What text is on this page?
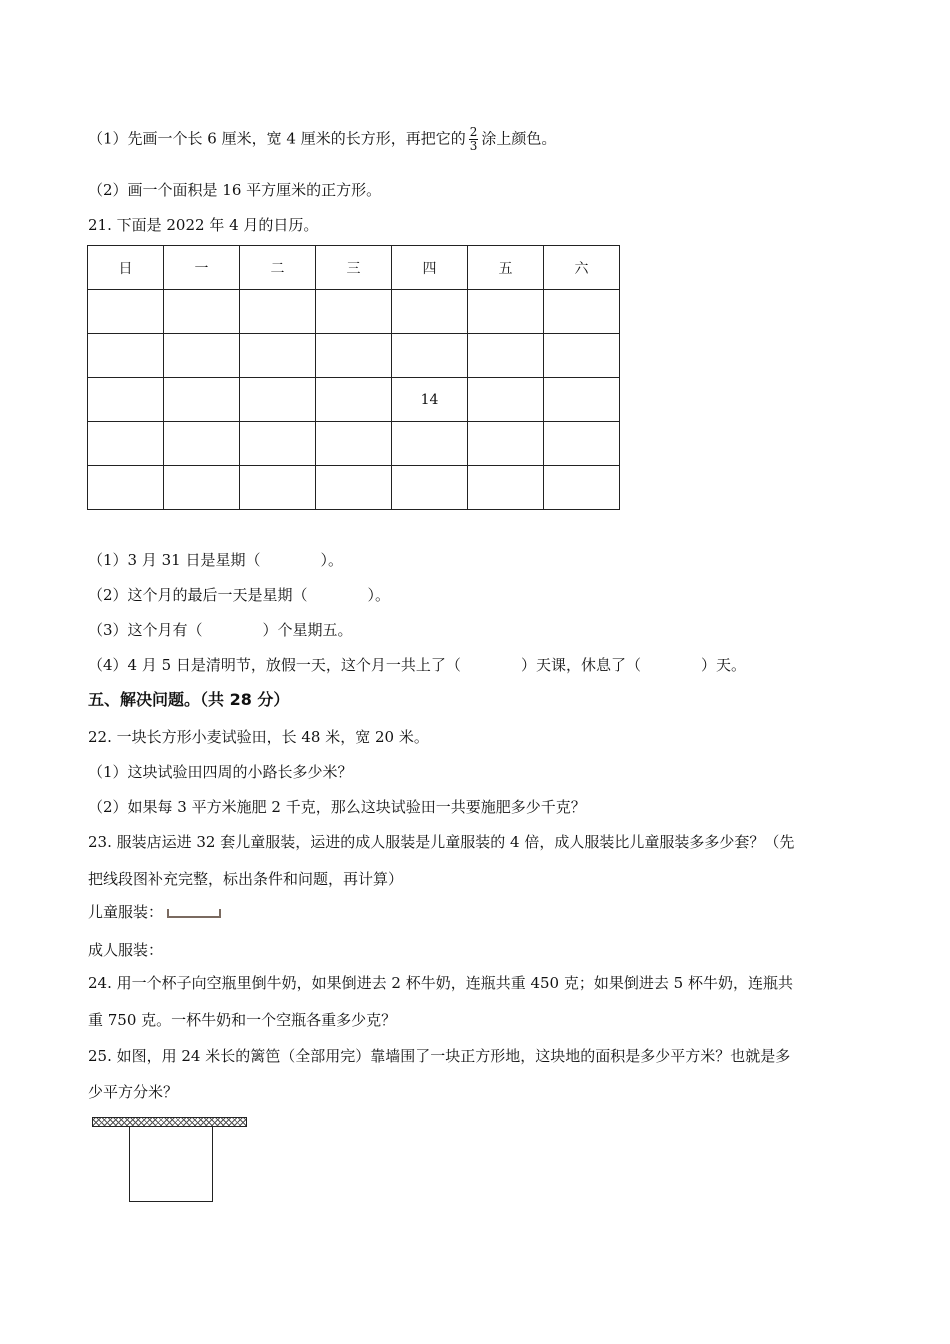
（1）先画一个长 6 厘米，宽 4 厘米的长方形，再把它的 $\frac{2}{3}$ 涂上颜色。
（2）画一个面积是 16 平方厘米的正方形。
21. 下面是 2022 年 4 月的日历。
日	一	二	三	四	五	六

				14		

（1）3 月 31 日是星期（	）。
（2）这个月的最后一天是星期（	）。
（3）这个月有（	）个星期五。
（4）4 月 5 日是清明节，放假一天，这个月一共上了（	）天课，休息了（	）天。
五、解决问题。（共 28 分）
22. 一块长方形小麦试验田，长 48 米，宽 20 米。
（1）这块试验田四周的小路长多少米？
（2）如果每 3 平方米施肥 2 千克，那么这块试验田一共要施肥多少千克？
23. 服装店运进 32 套儿童服装，运进的成人服装是儿童服装的 4 倍，成人服装比儿童服装多多少套？（先
把线段图补充完整，标出条件和问题，再计算）
儿童服装：
成人服装：
24. 用一个杯子向空瓶里倒牛奶，如果倒进去 2 杯牛奶，连瓶共重 450 克；如果倒进去 5 杯牛奶，连瓶共
重 750 克。一杯牛奶和一个空瓶各重多少克？
25. 如图，用 24 米长的篱笆（全部用完）靠墙围了一块正方形地，这块地的面积是多少平方米？也就是多
少平方分米？
